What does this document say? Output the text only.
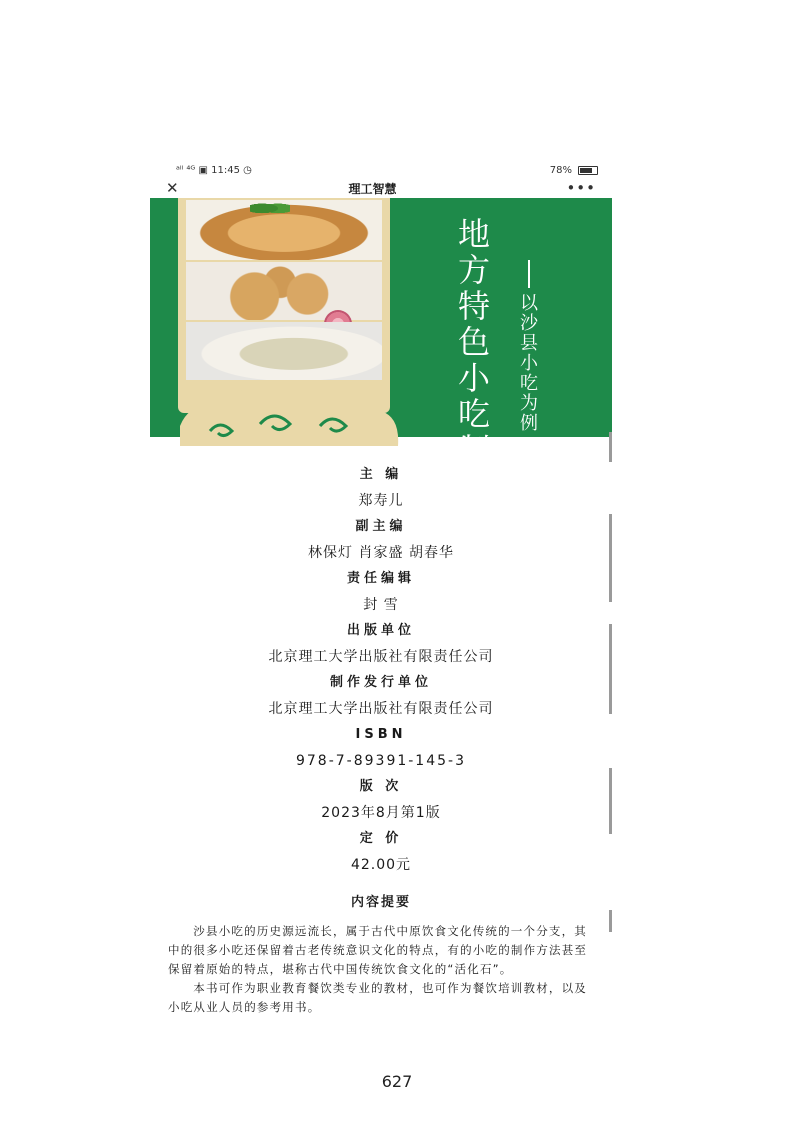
ᵃˡˡ ⁴ᴳ ▣ 11:45 ◷	78%
✕	理工智慧	•••
地方特色小吃制作
以沙县小吃为例
主 编
郑寿儿
副主编
林保灯 肖家盛 胡春华
责任编辑
封 雪
出版单位
北京理工大学出版社有限责任公司
制作发行单位
北京理工大学出版社有限责任公司
ISBN
978-7-89391-145-3
版 次
2023年8月第1版
定 价
42.00元
内容提要

沙县小吃的历史源远流长，属于古代中原饮食文化传统的一个分支，其中的很多小吃还保留着古老传统意识文化的特点，有的小吃的制作方法甚至保留着原始的特点，堪称古代中国传统饮食文化的“活化石”。

本书可作为职业教育餐饮类专业的教材，也可作为餐饮培训教材，以及小吃从业人员的参考用书。

627
